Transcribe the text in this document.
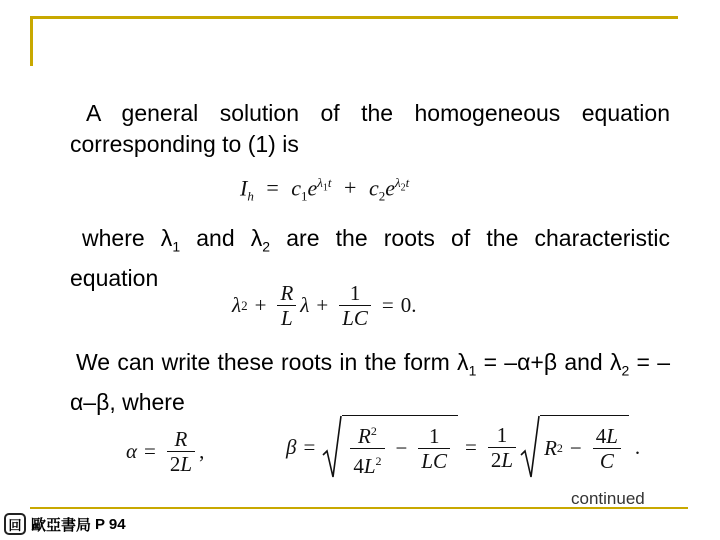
A general solution of the homogeneous equation corresponding to (1) is
$I_h = c_1e^{\lambda_1t} + c_2e^{\lambda_2t}$
where $\lambda_1$ and $\lambda_2$ are the roots of the characteristic equation
λ $2 + \frac{R}{L}$ $\lambda + \frac{1}{LC} = 0$.
We can write these roots in the form $\lambda_1 = -\alpha+\beta$ and $\lambda_2 = -\alpha-\beta$, where
$\alpha = \frac{R}{2L}$ ,	$\beta = \frac{R^2}{4L^2} - \frac{1}{LC} = \frac{1}{2L}$ R $2 - \frac{4L}{C}$ .
continued
回 歐亞書局 P 94
